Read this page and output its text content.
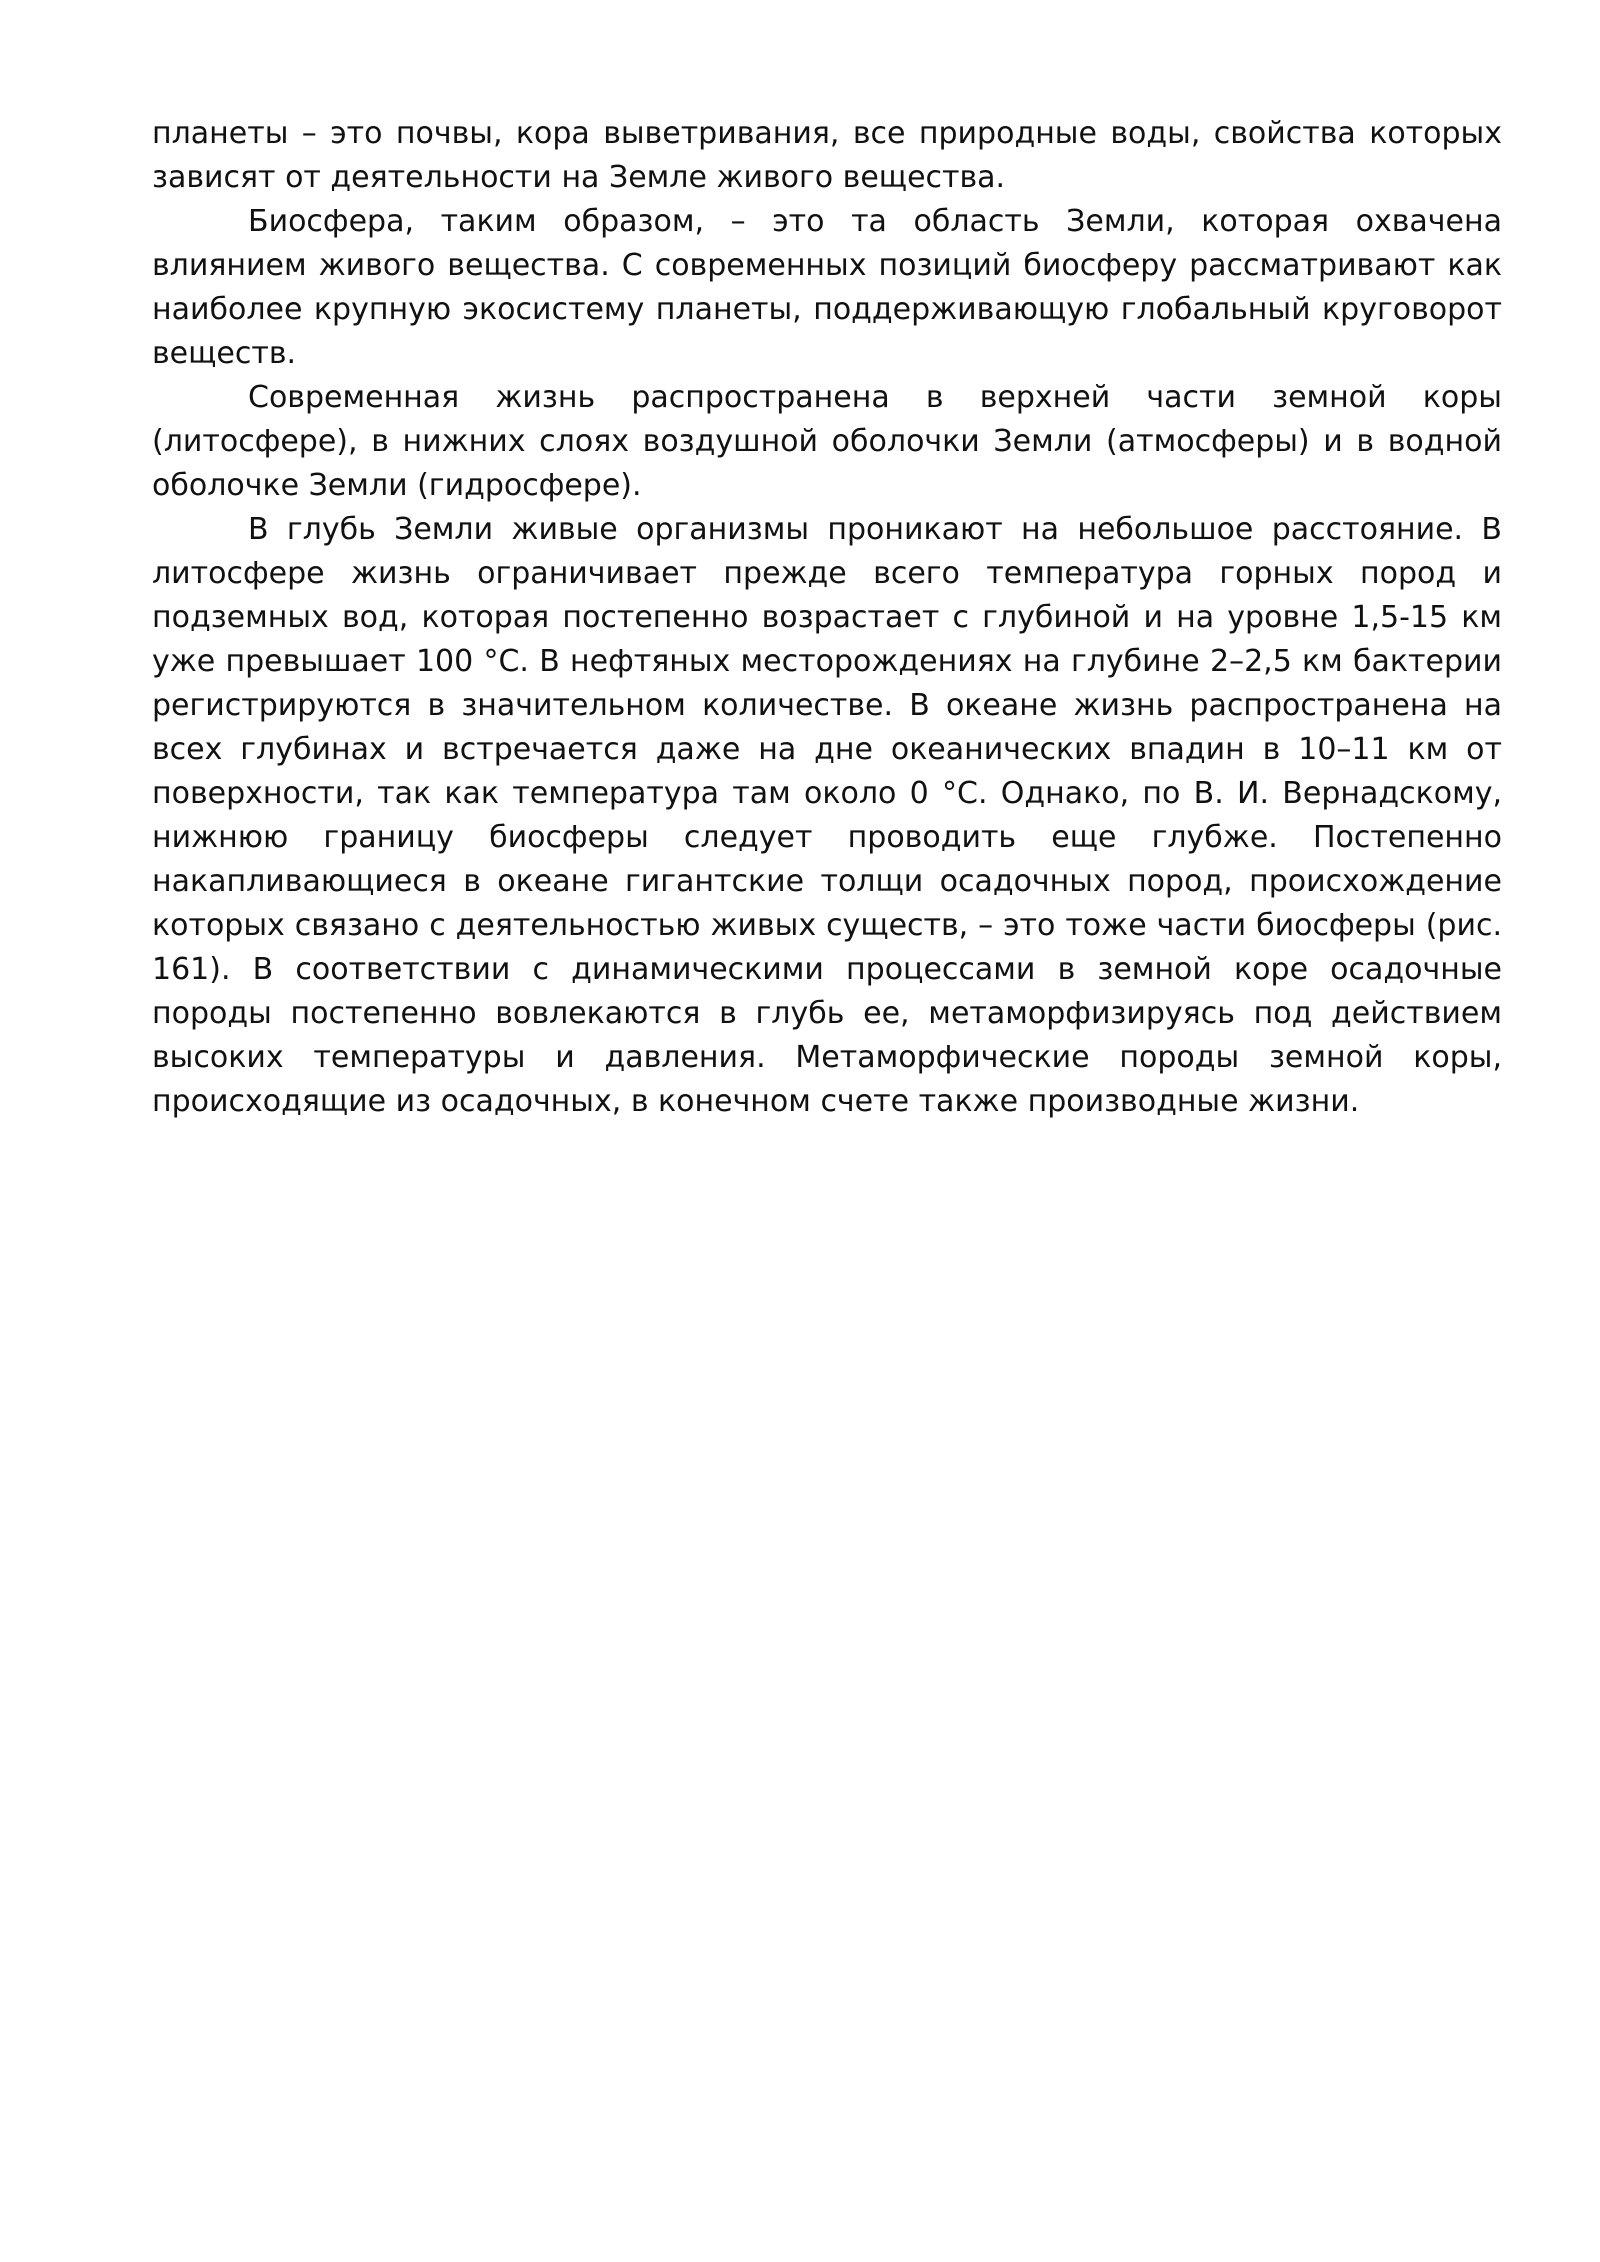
планеты – это почвы, кора выветривания, все природные воды, свойства которых зависят от деятельности на Земле живого вещества.

Биосфера, таким образом, – это та область Земли, которая охвачена влиянием живого вещества. С современных позиций биосферу рассматривают как наиболее крупную экосистему планеты, поддерживающую глобальный круговорот веществ.

Современная жизнь распространена в верхней части земной коры (литосфере), в нижних слоях воздушной оболочки Земли (атмосферы) и в водной оболочке Земли (гидросфере).

В глубь Земли живые организмы проникают на небольшое расстояние. В литосфере жизнь ограничивает прежде всего температура горных пород и подземных вод, которая постепенно возрастает с глубиной и на уровне 1,5-15 км уже превышает 100 °С. В нефтяных месторождениях на глубине 2–2,5 км бактерии регистрируются в значительном количестве. В океане жизнь распространена на всех глубинах и встречается даже на дне океанических впадин в 10–11 км от поверхности, так как температура там около 0 °С. Однако, по В. И. Вернадскому, нижнюю границу биосферы следует проводить еще глубже. Постепенно накапливающиеся в океане гигантские толщи осадочных пород, происхождение которых связано с деятельностью живых существ, – это тоже части биосферы (рис. 161). В соответствии с динамическими процессами в земной коре осадочные породы постепенно вовлекаются в глубь ее, метаморфизируясь под действием высоких температуры и давления. Метаморфические породы земной коры, происходящие из осадочных, в конечном счете также производные жизни.
